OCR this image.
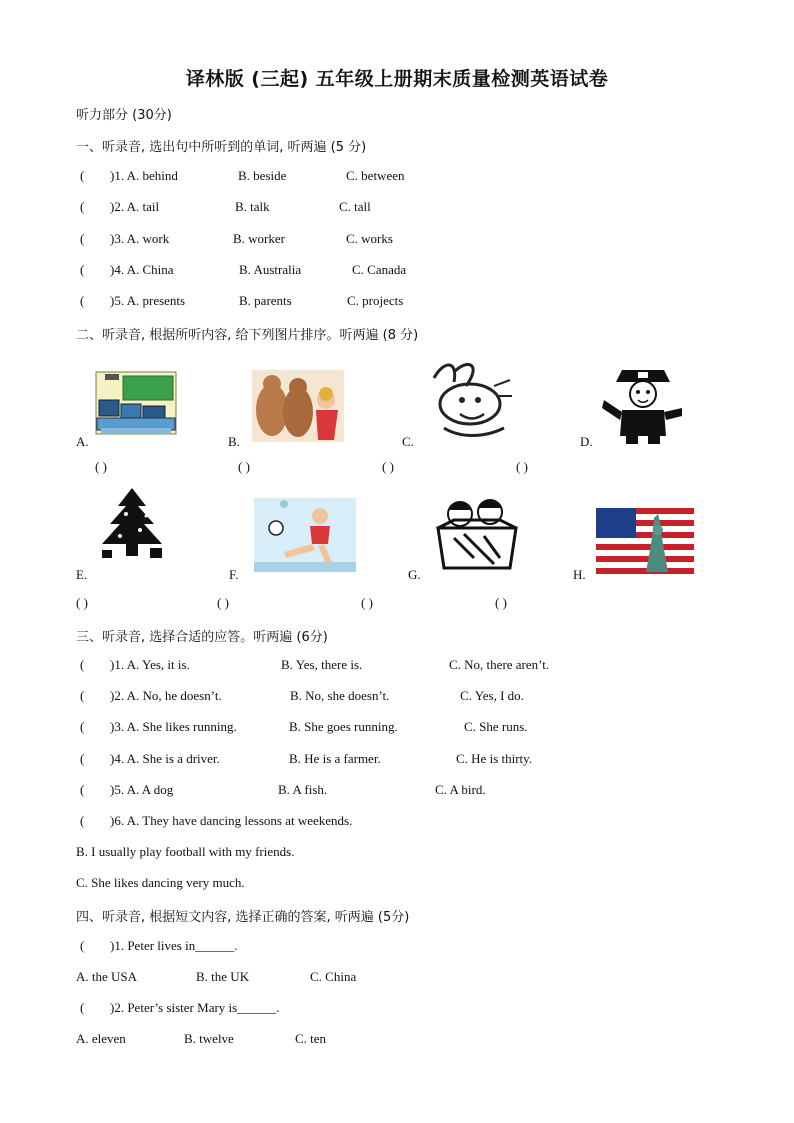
译林版 (三起) 五年级上册期末质量检测英语试卷
听力部分 (30分)
一、听录音, 选出句中所听到的单词, 听两遍 (5 分)
( )1. A. behind	B. beside	C. between
( )2. A. tail	B. talk	C. tall
( )3. A. work	B. worker	C. works
( )4. A. China	B. Australia	C. Canada
( )5. A. presents	B. parents	C. projects
二、听录音, 根据所听内容, 给下列图片排序。听两遍 (8 分)
A.	B.	C.	D.
( )	( )	( )	( )
E.	F.	G.	H.
( )	( )	( )	( )
三、听录音, 选择合适的应答。听两遍 (6分)
( )1. A. Yes, it is.	B. Yes, there is.	C. No, there aren’t.
( )2. A. No, he doesn’t.	B. No, she doesn’t.	C. Yes, I do.
( )3. A. She likes running.	B. She goes running.	C. She runs.
( )4. A. She is a driver.	B. He is a farmer.	C. He is thirty.
( )5. A. A dog	B. A fish.	C. A bird.
( )6. A. They have dancing lessons at weekends.
B. I usually play football with my friends.
C. She likes dancing very much.
四、听录音, 根据短文内容, 选择正确的答案, 听两遍 (5分)
( )1. Peter lives in______.
A. the USA	B. the UK	C. China
( )2. Peter’s sister Mary is______.
A. eleven	B. twelve	C. ten
